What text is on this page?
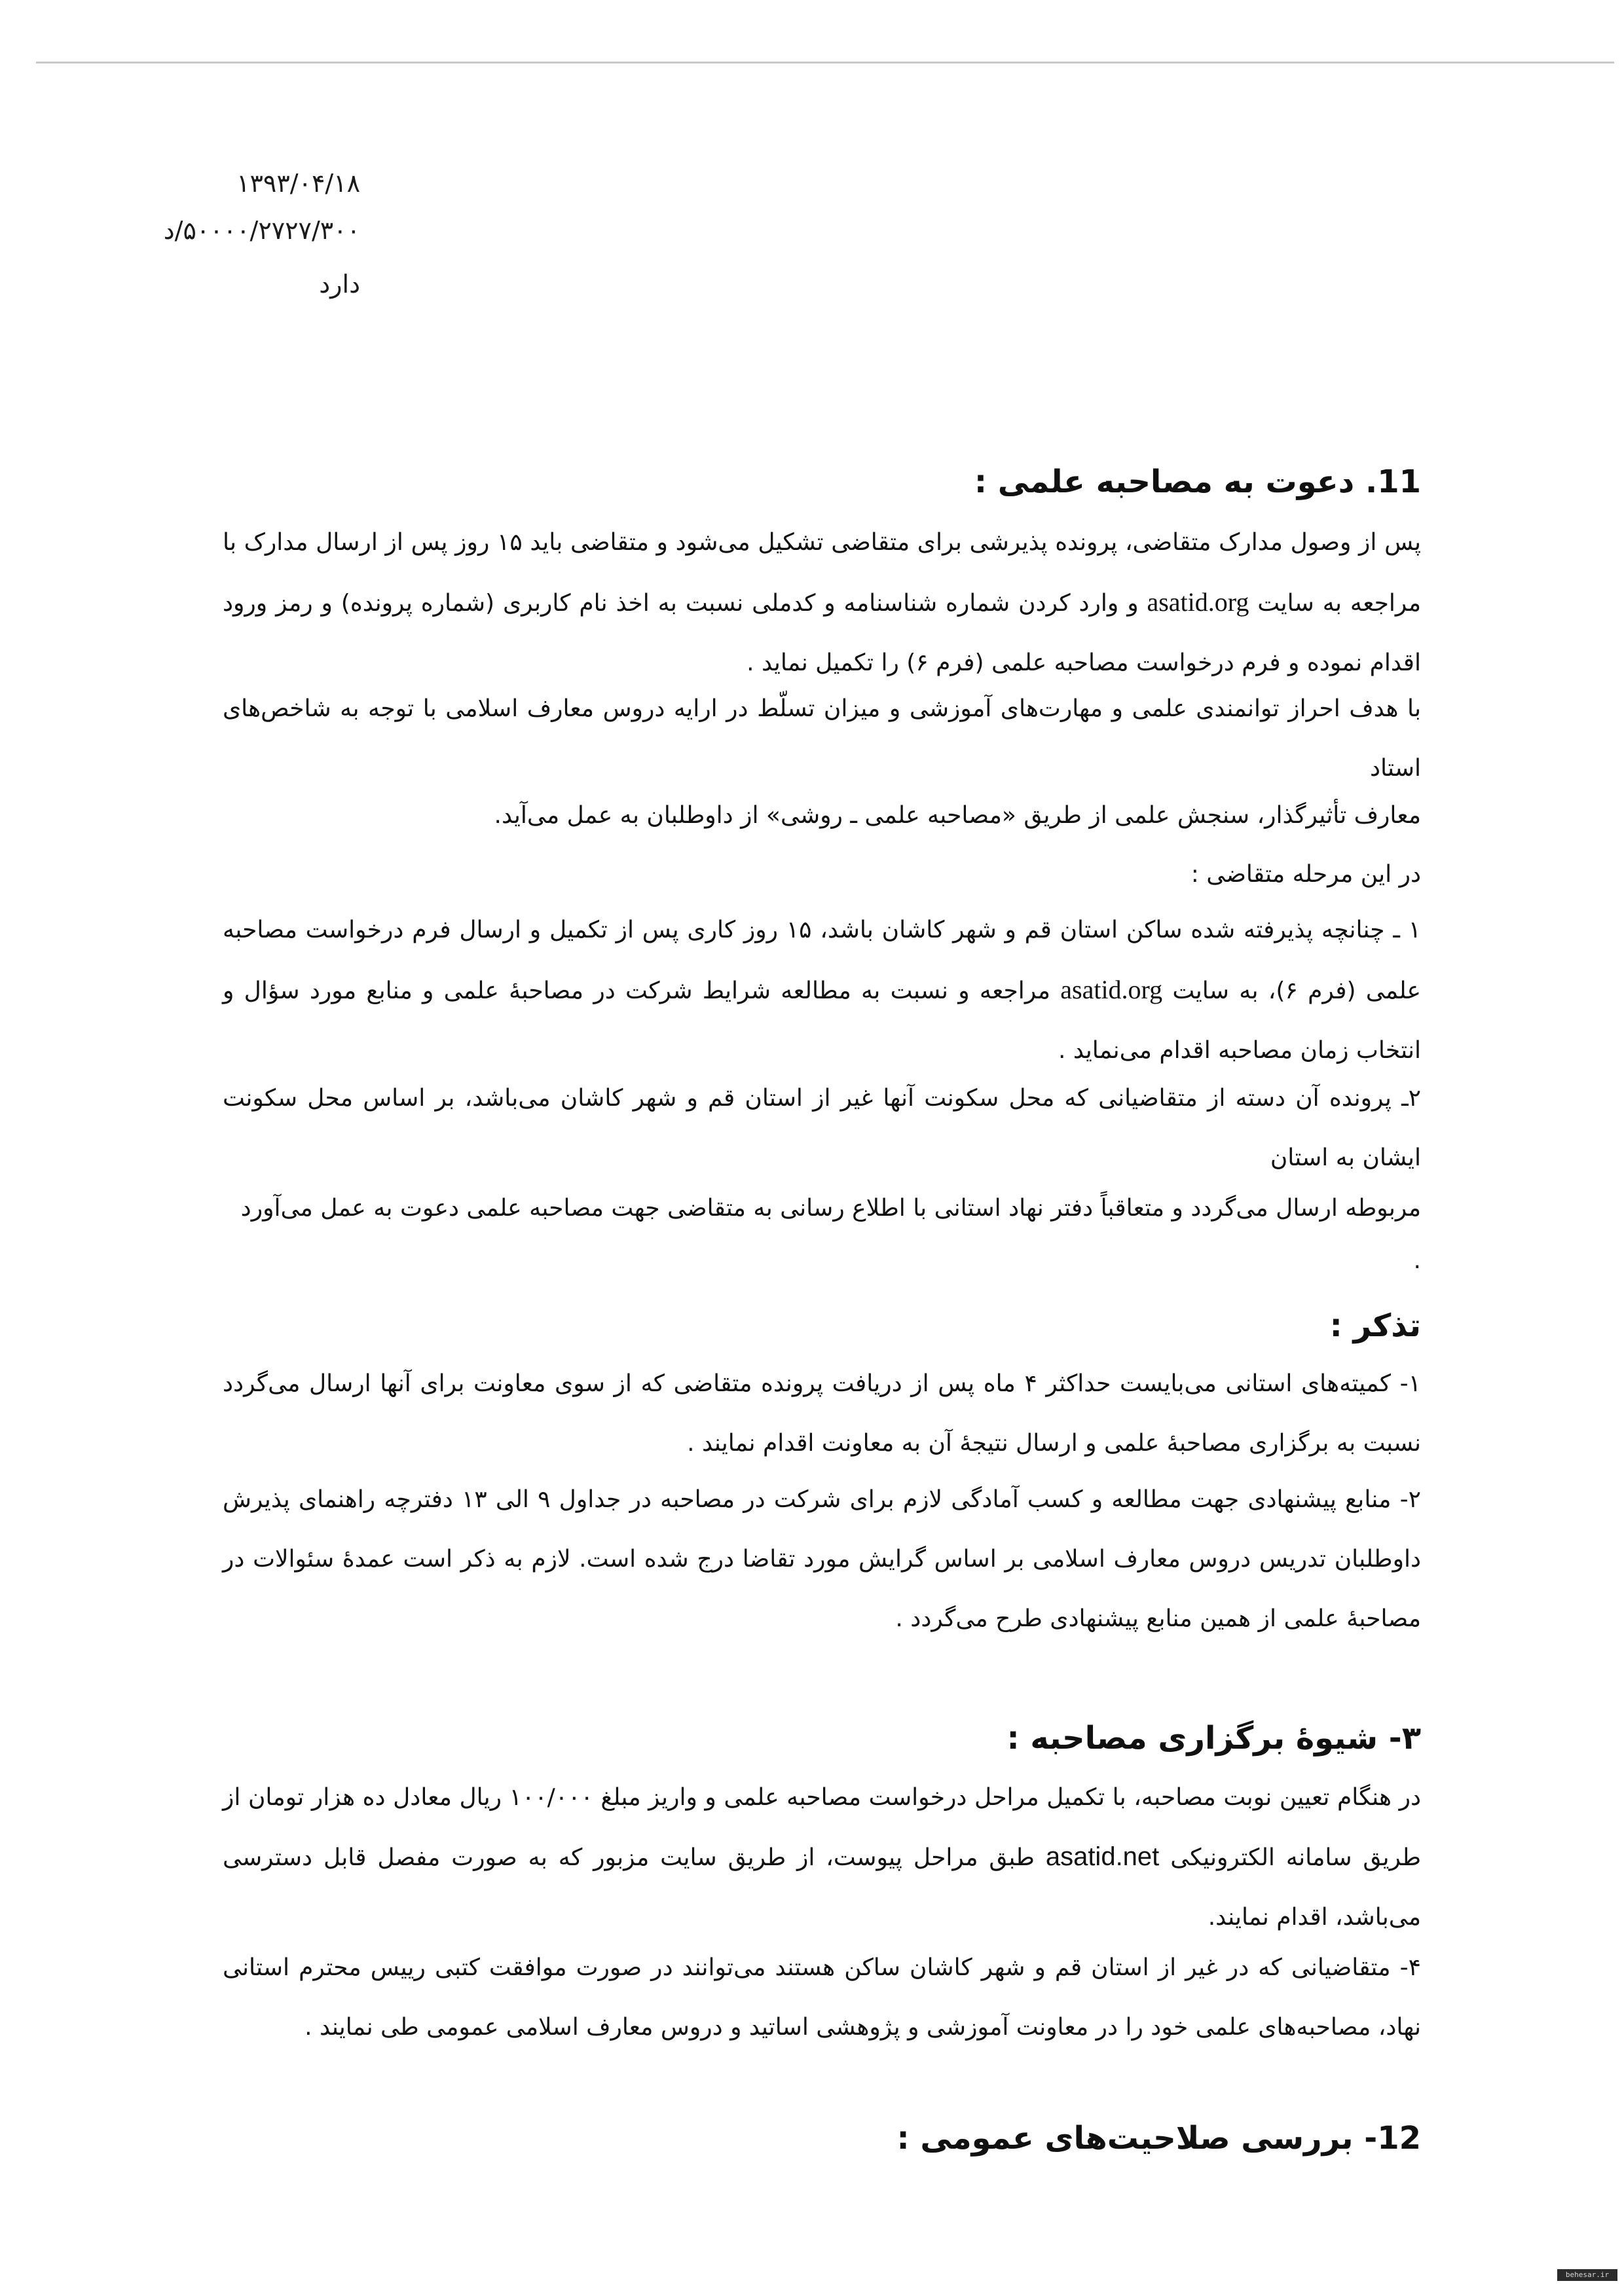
۱۳۹۳/۰۴/۱۸
۵۰۰۰۰/۲۷۲۷/۳۰۰/د
دارد
11. دعوت به مصاحبه علمی :

پس از وصول مدارک متقاضی، پرونده پذیرشی برای متقاضی تشکیل می‌شود و متقاضی باید ۱۵ روز پس از ارسال مدارک با مراجعه به سایت asatid.org و وارد کردن شماره شناسنامه و کدملی نسبت به اخذ نام کاربری (شماره پرونده) و رمز ورود اقدام نموده و فرم درخواست مصاحبه علمی (فرم ۶) را تکمیل نماید .

با هدف احراز توانمندی علمی و مهارت‌های آموزشی و میزان تسلّط در ارایه دروس معارف اسلامی با توجه به شاخص‌های استاد

معارف تأثیرگذار، سنجش علمی از طریق «مصاحبه علمی ـ روشی» از داوطلبان به عمل می‌آید.

در این مرحله متقاضی :

۱ ـ چنانچه پذیرفته شده ساکن استان قم و شهر کاشان باشد، ۱۵ روز کاری پس از تکمیل و ارسال فرم درخواست مصاحبه علمی (فرم ۶)، به سایت asatid.org مراجعه و نسبت به مطالعه شرایط شرکت در مصاحبۀ علمی و منابع مورد سؤال و انتخاب زمان مصاحبه اقدام می‌نماید .

۲ـ پرونده آن دسته از متقاضیانی که محل سکونت آنها غیر از استان قم و شهر کاشان می‌باشد، بر اساس محل سکونت ایشان به استان

مربوطه ارسال می‌گردد و متعاقباً دفتر نهاد استانی با اطلاع رسانی به متقاضی جهت مصاحبه علمی دعوت به عمل می‌آورد

.

تذکر :

۱- کمیته‌های استانی می‌بایست حداکثر ۴ ماه پس از دریافت پرونده متقاضی که از سوی معاونت برای آنها ارسال می‌گردد نسبت به برگزاری مصاحبۀ علمی و ارسال نتیجۀ آن به معاونت اقدام نمایند .

۲- منابع پیشنهادی جهت مطالعه و کسب آمادگی لازم برای شرکت در مصاحبه در جداول ۹ الی ۱۳ دفترچه راهنمای پذیرش داوطلبان تدریس دروس معارف اسلامی بر اساس گرایش مورد تقاضا درج شده است. لازم به ذکر است عمدۀ سئوالات در مصاحبۀ علمی از همین منابع پیشنهادی طرح می‌گردد .

۳- شیوۀ برگزاری مصاحبه :

در هنگام تعیین نوبت مصاحبه، با تکمیل مراحل درخواست مصاحبه علمی و واریز مبلغ ۱۰۰/۰۰۰ ریال معادل ده هزار تومان از طریق سامانه الکترونیکی asatid.net طبق مراحل پیوست، از طریق سایت مزبور که به صورت مفصل قابل دسترسی می‌باشد، اقدام نمایند.

۴- متقاضیانی که در غیر از استان قم و شهر کاشان ساکن هستند می‌توانند در صورت موافقت کتبی رییس محترم استانی نهاد، مصاحبه‌های علمی خود را در معاونت آموزشی و پژوهشی اساتید و دروس معارف اسلامی عمومی طی نمایند .

12- بررسی صلاحیت‌های عمومی :
behesar.ir
